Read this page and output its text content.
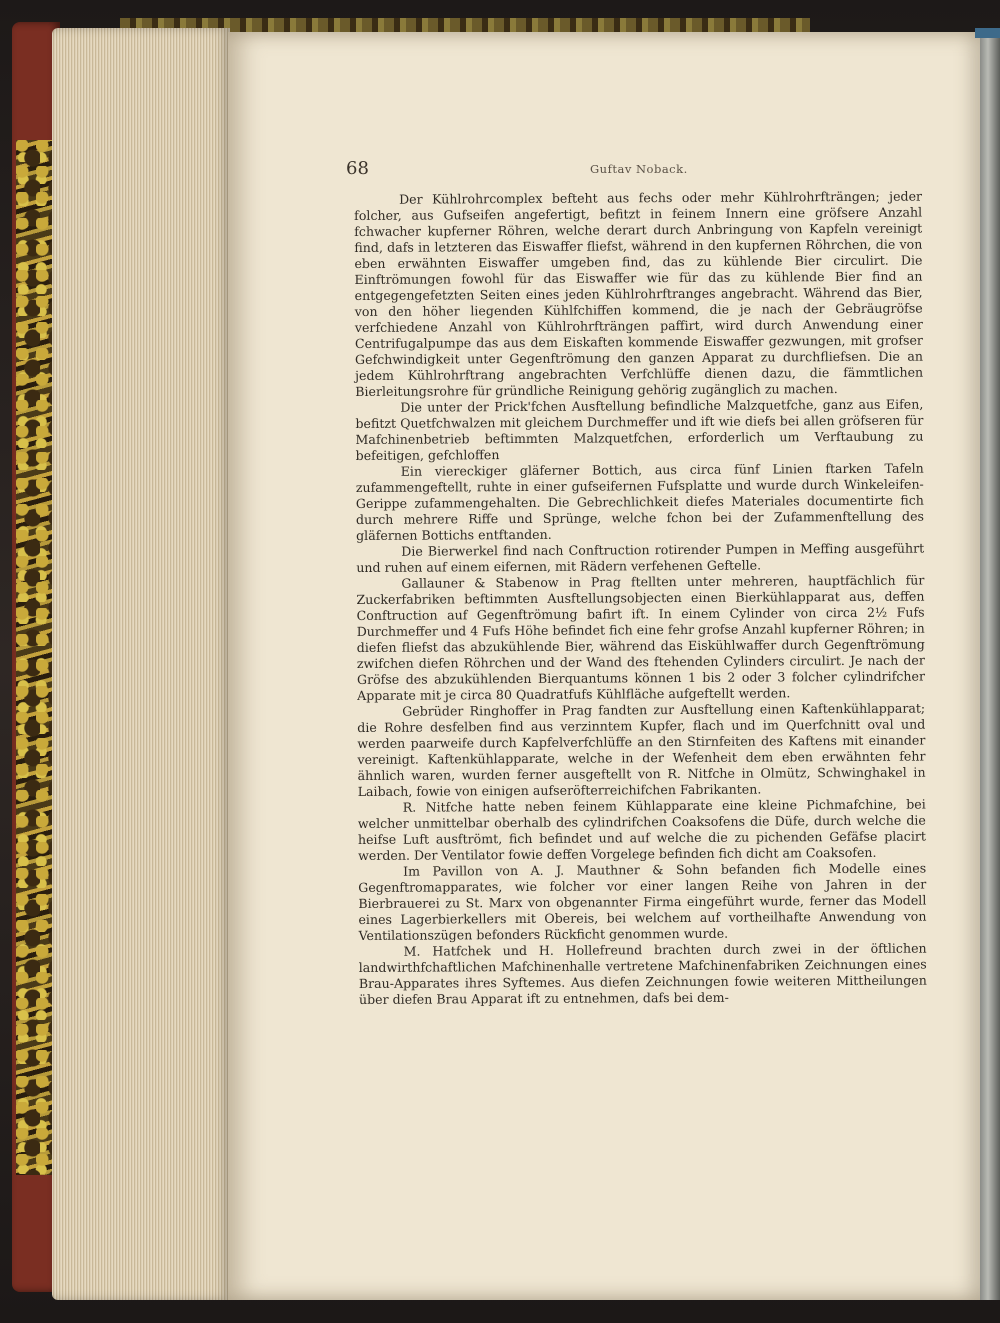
68	Guftav Noback.

Der Kühlrohrcomplex befteht aus fechs oder mehr Kühlrohrfträngen; jeder folcher, aus Gufseifen angefertigt, befitzt in feinem Innern eine gröfsere Anzahl fchwacher kupferner Röhren, welche derart durch Anbringung von Kapfeln vereinigt find, dafs in letzteren das Eiswaffer fliefst, während in den kupfernen Röhrchen, die von eben erwähnten Eiswaffer umgeben find, das zu kühlende Bier circulirt. Die Einftrömungen fowohl für das Eiswaffer wie für das zu kühlende Bier find an entgegengefetzten Seiten eines jeden Kühlrohrftranges angebracht. Während das Bier, von den höher liegenden Kühlfchiffen kommend, die je nach der Gebräugröfse verfchiedene Anzahl von Kühlrohrfträngen paffirt, wird durch Anwendung einer Centrifugalpumpe das aus dem Eiskaften kommende Eiswaffer gezwungen, mit grofser Gefchwindigkeit unter Gegenftrömung den ganzen Apparat zu durchfliefsen. Die an jedem Kühlrohrftrang angebrachten Verfchlüffe dienen dazu, die fämmtlichen Bierleitungsrohre für gründliche Reinigung gehörig zugänglich zu machen.

Die unter der Prick'fchen Ausftellung befindliche Malzquetfche, ganz aus Eifen, befitzt Quetfchwalzen mit gleichem Durchmeffer und ift wie diefs bei allen gröfseren für Mafchinenbetrieb beftimmten Malzquetfchen, erforderlich um Verftaubung zu befeitigen, gefchloffen

Ein viereckiger gläferner Bottich, aus circa fünf Linien ftarken Tafeln zufammengeftellt, ruhte in einer gufseifernen Fufsplatte und wurde durch Winkeleifen-Gerippe zufammengehalten. Die Gebrechlichkeit diefes Materiales documentirte fich durch mehrere Riffe und Sprünge, welche fchon bei der Zufammenftellung des gläfernen Bottichs entftanden.

Die Bierwerkel find nach Conftruction rotirender Pumpen in Meffing ausgeführt und ruhen auf einem eifernen, mit Rädern verfehenen Geftelle.

Gallauner & Stabenow in Prag ftellten unter mehreren, hauptfächlich für Zuckerfabriken beftimmten Ausftellungsobjecten einen Bierkühlapparat aus, deffen Conftruction auf Gegenftrömung bafirt ift. In einem Cylinder von circa 2½ Fufs Durchmeffer und 4 Fufs Höhe befindet fich eine fehr grofse Anzahl kupferner Röhren; in diefen fliefst das abzukühlende Bier, während das Eiskühlwaffer durch Gegenftrömung zwifchen diefen Röhrchen und der Wand des ftehenden Cylinders circulirt. Je nach der Gröfse des abzukühlenden Bierquantums können 1 bis 2 oder 3 folcher cylindrifcher Apparate mit je circa 80 Quadratfufs Kühlfläche aufgeftellt werden.

Gebrüder Ringhoffer in Prag fandten zur Ausftellung einen Kaftenkühlapparat; die Rohre desfelben find aus verzinntem Kupfer, flach und im Querfchnitt oval und werden paarweife durch Kapfelverfchlüffe an den Stirnfeiten des Kaftens mit einander vereinigt. Kaftenkühlapparate, welche in der Wefenheit dem eben erwähnten fehr ähnlich waren, wurden ferner ausgeftellt von R. Nitfche in Olmütz, Schwinghakel in Laibach, fowie von einigen aufseröfterreichifchen Fabrikanten.

R. Nitfche hatte neben feinem Kühlapparate eine kleine Pichmafchine, bei welcher unmittelbar oberhalb des cylindrifchen Coaksofens die Düfe, durch welche die heifse Luft ausftrömt, fich befindet und auf welche die zu pichenden Gefäfse placirt werden. Der Ventilator fowie deffen Vorgelege befinden fich dicht am Coaksofen.

Im Pavillon von A. J. Mauthner & Sohn befanden fich Modelle eines Gegenftromapparates, wie folcher vor einer langen Reihe von Jahren in der Bierbrauerei zu St. Marx von obgenannter Firma eingeführt wurde, ferner das Modell eines Lagerbierkellers mit Obereis, bei welchem auf vortheilhafte Anwendung von Ventilationszügen befonders Rückficht genommen wurde.

M. Hatfchek und H. Hollefreund brachten durch zwei in der öftlichen landwirthfchaftlichen Mafchinenhalle vertretene Mafchinenfabriken Zeichnungen eines Brau-Apparates ihres Syftemes. Aus diefen Zeichnungen fowie weiteren Mittheilungen über diefen Brau Apparat ift zu entnehmen, dafs bei dem-
